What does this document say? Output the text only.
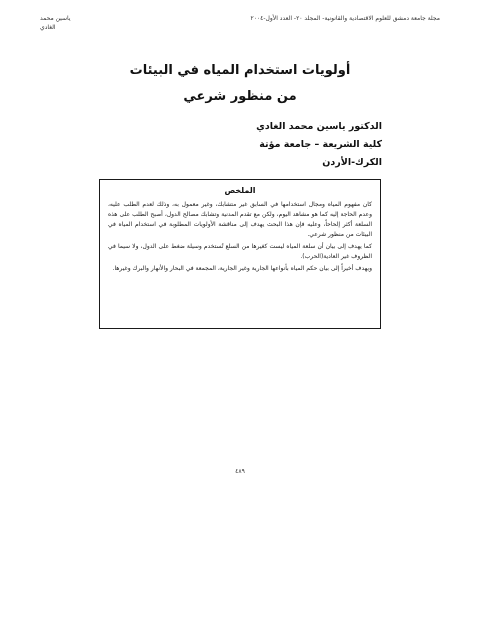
مجلة جامعة دمشق للعلوم الاقتصادية والقانونية- المجلد ٢٠- العدد الأول-٢٠٠٤
ياسين محمد
الغادي
أولويات استخدام المياه في البيئات
من منظور شرعي
الدكتور ياسين محمد الغادي
كلية الشريعة – جامعة مؤتة
الكرك-الأردن
الملخص

كان مفهوم المياه ومجال استخدامها في السابق غير متشابك، وغير معمول به، وذلك لعدم الطلب عليه، وعدم الحاجة إليه كما هو مشاهد اليوم، ولكن مع تقدم المدنية وتشابك مصالح الدول، أصبح الطلب على هذه السلعة أكثر إلحاحاً، وعليه فإن هذا البحث يهدف إلى مناقشة الأولويات المطلوبة في استخدام المياه في البيئات من منظور شرعي.

كما يهدف إلى بيان أن سلعة المياه ليست كغيرها من السلع تُستخدم وسيلة ضغط على الدول، ولا سيما في الظروف غير العادية(الحرب).

ويهدف أخيراً إلى بيان حكم المياه بأنواعها الجارية وغير الجارية، المجمعة في البحار والأنهار والبرك وغيرها.

٤٨٩
